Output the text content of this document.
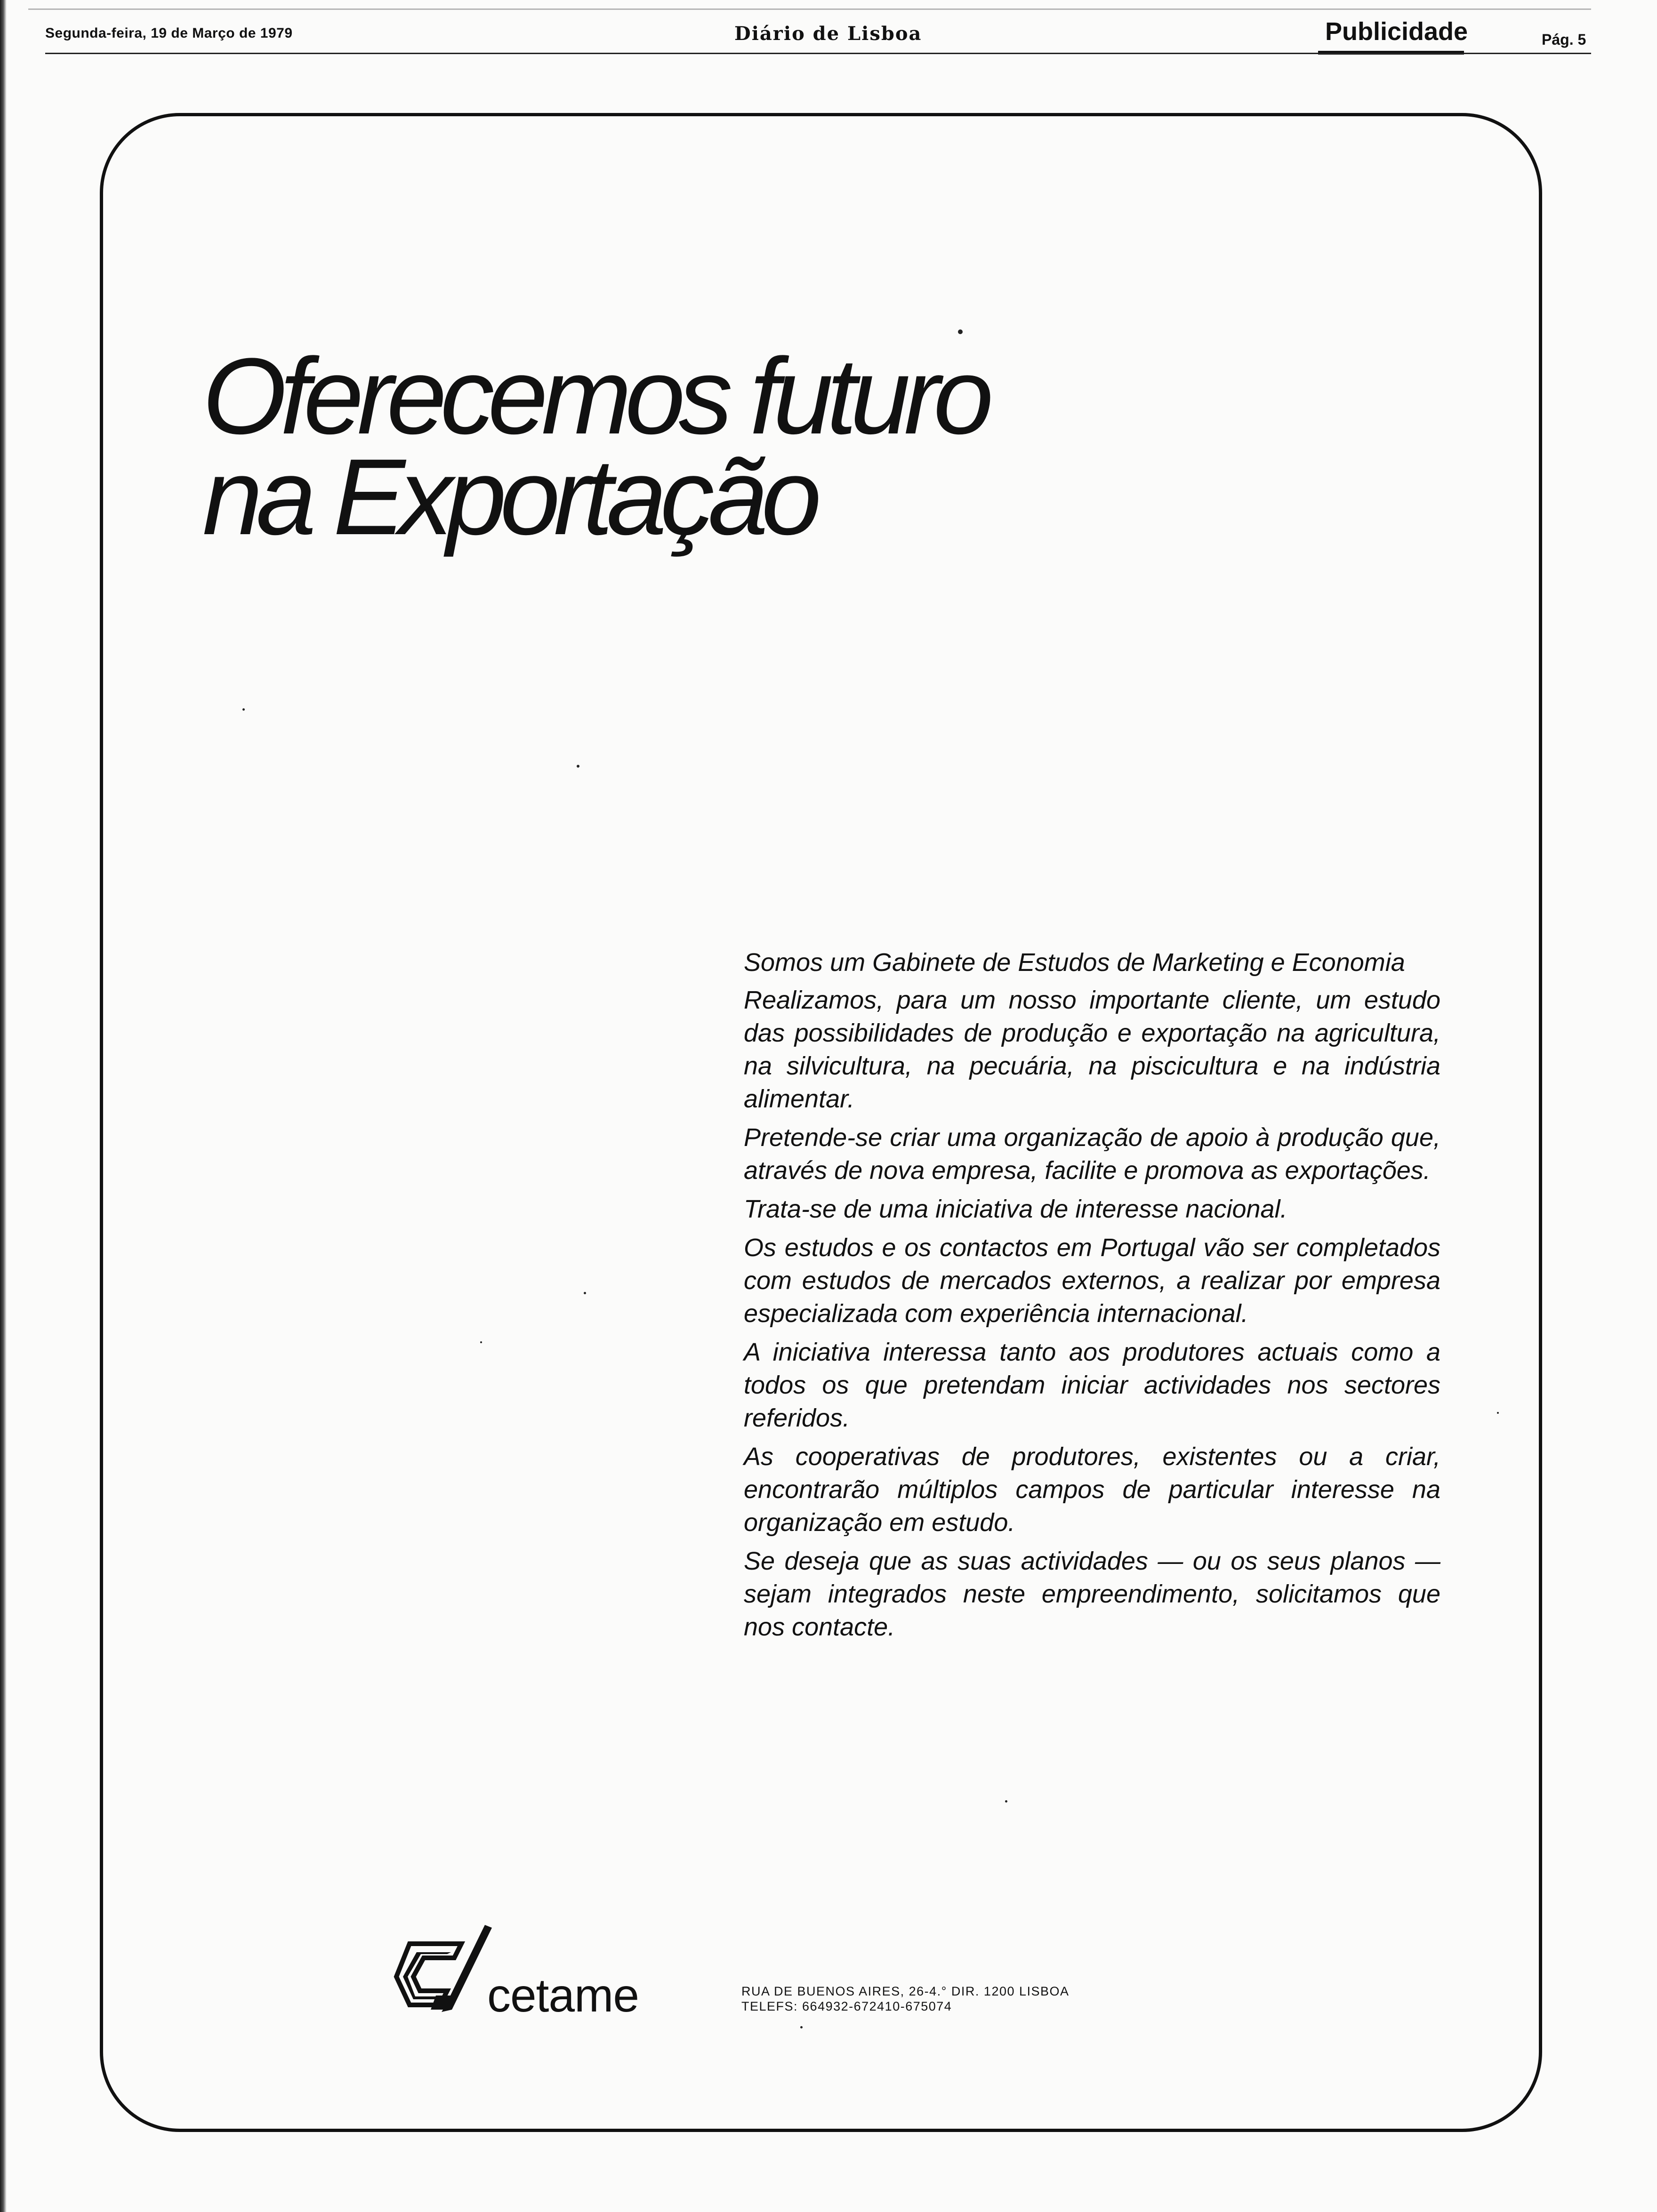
Segunda-feira, 19 de Março de 1979	Diário de Lisboa	Publicidade	Pág. 5
Oferecemos futuro
na Exportação
Somos um Gabinete de Estudos de Marketing e Economia

Realizamos, para um nosso importante cliente, um estudo das possibilidades de produção e exportação na agricultura, na silvicultura, na pecuária, na piscicultura e na indústria alimentar.

Pretende-se criar uma organização de apoio à produção que, através de nova empresa, facilite e promova as exportações.

Trata-se de uma iniciativa de interesse nacional.

Os estudos e os contactos em Portugal vão ser completados com estudos de mercados externos, a realizar por empresa especializada com experiência internacional.

A iniciativa interessa tanto aos produtores actuais como a todos os que pretendam iniciar actividades nos sectores referidos.

As cooperativas de produtores, existentes ou a criar, encontrarão múltiplos campos de particular interesse na organização em estudo.

Se deseja que as suas actividades — ou os seus planos — sejam integrados neste empreendimento, solicitamos que nos contacte.

cetame	RUA DE BUENOS AIRES, 26-4.° DIR. 1200 LISBOA
TELEFS: 664932-672410-675074
